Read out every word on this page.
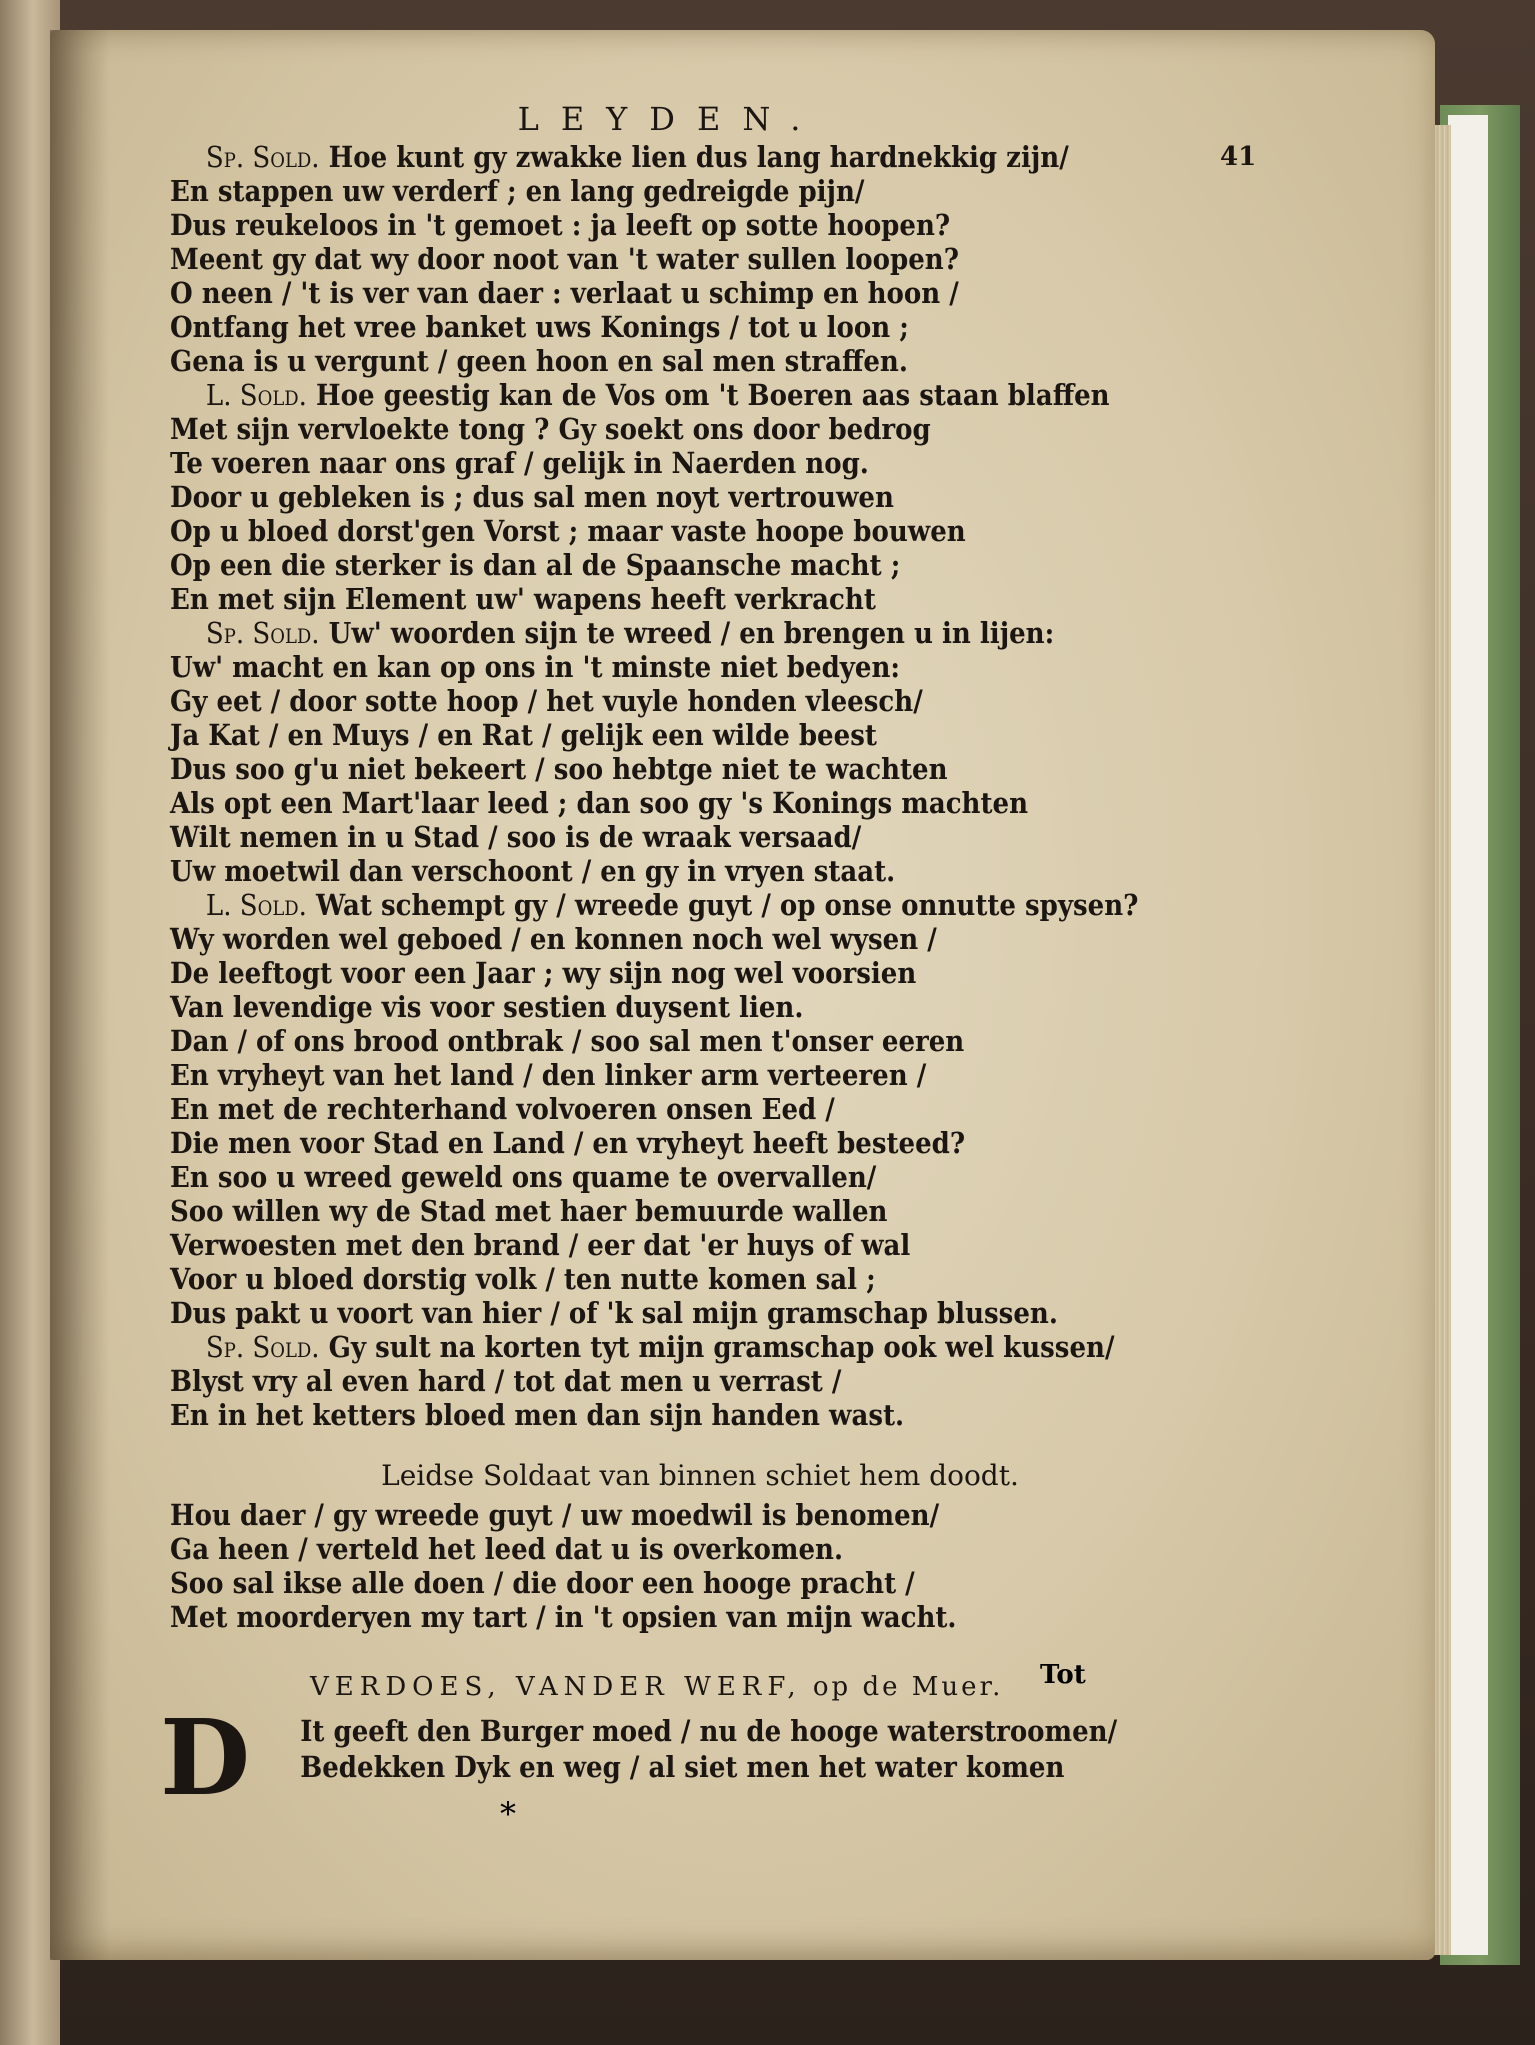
LEYDEN.
41
Sp. Sold. Hoe kunt gy zwakke lien dus lang hardnekkig zijn/
En stappen uw verderf ; en lang gedreigde pijn/
Dus reukeloos in 't gemoet : ja leeft op sotte hoopen?
Meent gy dat wy door noot van 't water sullen loopen?
O neen / 't is ver van daer : verlaat u schimp en hoon /
Ontfang het vree banket uws Konings / tot u loon ;
Gena is u vergunt / geen hoon en sal men straffen.
L. Sold. Hoe geestig kan de Vos om 't Boeren aas staan blaffen
Met sijn vervloekte tong ? Gy soekt ons door bedrog
Te voeren naar ons graf / gelijk in Naerden nog.
Door u gebleken is ; dus sal men noyt vertrouwen
Op u bloed dorst'gen Vorst ; maar vaste hoope bouwen
Op een die sterker is dan al de Spaansche macht ;
En met sijn Element uw' wapens heeft verkracht
Sp. Sold. Uw' woorden sijn te wreed / en brengen u in lijen:
Uw' macht en kan op ons in 't minste niet bedyen:
Gy eet / door sotte hoop / het vuyle honden vleesch/
Ja Kat / en Muys / en Rat / gelijk een wilde beest
Dus soo g'u niet bekeert / soo hebtge niet te wachten
Als opt een Mart'laar leed ; dan soo gy 's Konings machten
Wilt nemen in u Stad / soo is de wraak versaad/
Uw moetwil dan verschoont / en gy in vryen staat.
L. Sold. Wat schempt gy / wreede guyt / op onse onnutte spysen?
Wy worden wel geboed / en konnen noch wel wysen /
De leeftogt voor een Jaar ; wy sijn nog wel voorsien
Van levendige vis voor sestien duysent lien.
Dan / of ons brood ontbrak / soo sal men t'onser eeren
En vryheyt van het land / den linker arm verteeren /
En met de rechterhand volvoeren onsen Eed /
Die men voor Stad en Land / en vryheyt heeft besteed?
En soo u wreed geweld ons quame te overvallen/
Soo willen wy de Stad met haer bemuurde wallen
Verwoesten met den brand / eer dat 'er huys of wal
Voor u bloed dorstig volk / ten nutte komen sal ;
Dus pakt u voort van hier / of 'k sal mijn gramschap blussen.
Sp. Sold. Gy sult na korten tyt mijn gramschap ook wel kussen/
Blyst vry al even hard / tot dat men u verrast /
En in het ketters bloed men dan sijn handen wast.
Leidse Soldaat van binnen schiet hem doodt.
Hou daer / gy wreede guyt / uw moedwil is benomen/
Ga heen / verteld het leed dat u is overkomen.
Soo sal ikse alle doen / die door een hooge pracht /
Met moorderyen my tart / in 't opsien van mijn wacht.
VERDOES, VANDER WERF, op de Muer.
D	It geeft den Burger moed / nu de hooge waterstroomen/
Bedekken Dyk en weg / al siet men het water komen
*
Tot
